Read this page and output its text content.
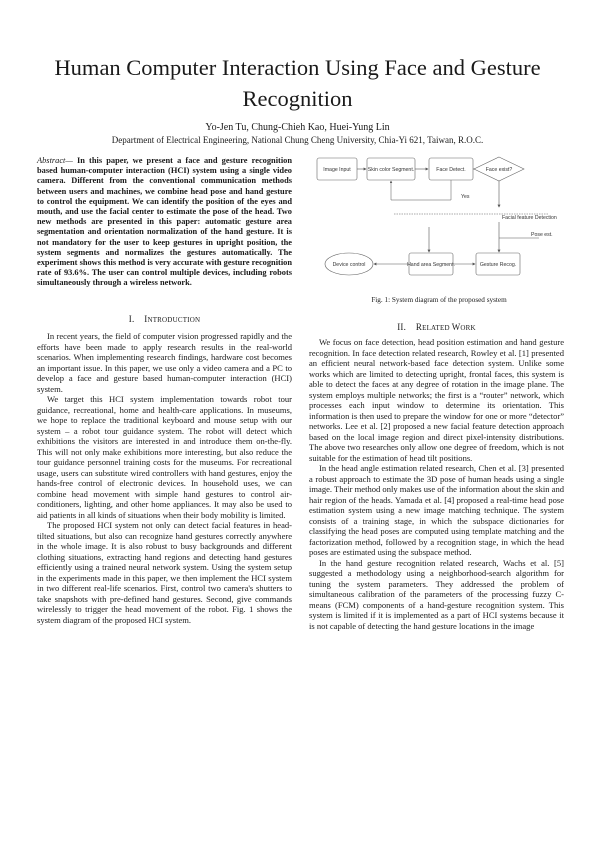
Human Computer Interaction Using Face and Gesture Recognition
Yo-Jen Tu, Chung-Chieh Kao, Huei-Yung Lin
Department of Electrical Engineering, National Chung Cheng University, Chia-Yi 621, Taiwan, R.O.C.
Abstract— In this paper, we present a face and gesture recognition based human-computer interaction (HCI) system using a single video camera. Different from the conventional communication methods between users and machines, we combine head pose and hand gesture to control the equipment. We can identify the position of the eyes and mouth, and use the facial center to estimate the pose of the head. Two new methods are presented in this paper: automatic gesture area segmentation and orientation normalization of the hand gesture. It is not mandatory for the user to keep gestures in upright position, the system segments and normalizes the gestures automatically. The experiment shows this method is very accurate with gesture recognition rate of 93.6%. The user can control multiple devices, including robots simultaneously through a wireless network.
I. INTRODUCTION

In recent years, the field of computer vision progressed rapidly and the efforts have been made to apply research results in the real-world scenarios. When implementing research findings, hardware cost becomes an important issue. In this paper, we use only a video camera and a PC to develop a face and gesture based human-computer interaction (HCI) system.

We target this HCI system implementation towards robot tour guidance, recreational, home and health-care applications. In museums, we hope to replace the traditional keyboard and mouse setup with our system – a robot tour guidance system. The robot will detect which exhibitions the visitors are interested in and introduce them on-the-fly. This will not only make exhibitions more interesting, but also reduce the tour guidance personnel training costs for the museums. For recreational usage, users can substitute wired controllers with hand gestures, enjoy the hands-free control of electronic devices. In household uses, we can combine head movement with simple hand gestures to control air-conditioners, lighting, and other home appliances. It may also be used to aid patients in all kinds of situations when their body mobility is limited.

The proposed HCI system not only can detect facial features in head-tilted situations, but also can recognize hand gestures correctly anywhere in the whole image. It is also robust to busy backgrounds and different clothing situations, extracting hand regions and detecting hand gestures efficiently using a trained neural network system. Using the system setup in the experiments made in this paper, we then implement the HCI system in two different real-life scenarios. First, control two camera's shutters to take snapshots with pre-defined hand gestures. Second, give commands wirelessly to trigger the head movement of the robot. Fig. 1 shows the system diagram of the proposed HCI system.

Image Input	Skin color Segment.	Face Detect.	Face exist?
Yes
Facial feature Detection
Pose est.
Hand area Segment.	Gesture Recog.
Device control
Fig. 1: System diagram of the proposed system
II. RELATED WORK

We focus on face detection, head position estimation and hand gesture recognition. In face detection related research, Rowley et al. [1] presented an efficient neural network-based face detection system. Unlike some works which are limited to detecting upright, frontal faces, this system is able to detect the faces at any degree of rotation in the image plane. The system employs multiple networks; the first is a “router” network, which processes each input window to determine its orientation. This information is then used to prepare the window for one or more “detector” networks. Lee et al. [2] proposed a new facial feature detection approach based on the local image region and direct pixel-intensity distributions. The above two researches only allow one degree of freedom, which is not suitable for the estimation of head tilt positions.

In the head angle estimation related research, Chen et al. [3] presented a robust approach to estimate the 3D pose of human heads using a single image. Their method only makes use of the information about the skin and hair region of the heads. Yamada et al. [4] proposed a real-time head pose estimation system using a new image matching technique. The system consists of a training stage, in which the subspace dictionaries for classifying the head poses are computed using template matching and the factorization method, followed by a recognition stage, in which the head poses are estimated using the subspace method.

In the hand gesture recognition related research, Wachs et al. [5] suggested a methodology using a neighborhood-search algorithm for tuning the system parameters. They addressed the problem of simultaneous calibration of the parameters of the processing fuzzy C-means (FCM) components of a hand-gesture recognition system. This system is limited if it is implemented as a part of HCI systems because it is not capable of detecting the hand gesture locations in the image
